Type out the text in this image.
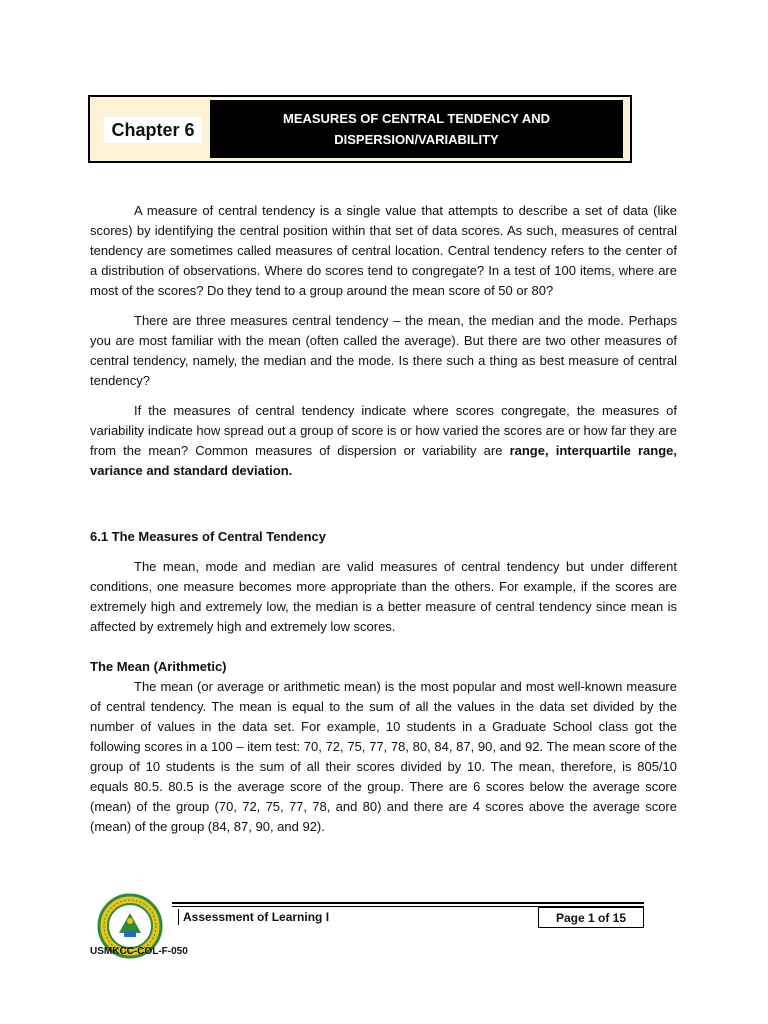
Chapter 6
MEASURES OF CENTRAL TENDENCY AND
DISPERSION/VARIABILITY

A measure of central tendency is a single value that attempts to describe a set of data (like scores) by identifying the central position within that set of data scores. As such, measures of central tendency are sometimes called measures of central location. Central tendency refers to the center of a distribution of observations. Where do scores tend to congregate? In a test of 100 items, where are most of the scores? Do they tend to a group around the mean score of 50 or 80?

There are three measures central tendency – the mean, the median and the mode. Perhaps you are most familiar with the mean (often called the average). But there are two other measures of central tendency, namely, the median and the mode. Is there such a thing as best measure of central tendency?

If the measures of central tendency indicate where scores congregate, the measures of variability indicate how spread out a group of score is or how varied the scores are or how far they are from the mean? Common measures of dispersion or variability are range, interquartile range, variance and standard deviation.

6.1 The Measures of Central Tendency

The mean, mode and median are valid measures of central tendency but under different conditions, one measure becomes more appropriate than the others. For example, if the scores are extremely high and extremely low, the median is a better measure of central tendency since mean is affected by extremely high and extremely low scores.

The Mean (Arithmetic)

The mean (or average or arithmetic mean) is the most popular and most well-known measure of central tendency. The mean is equal to the sum of all the values in the data set divided by the number of values in the data set. For example, 10 students in a Graduate School class got the following scores in a 100 – item test: 70, 72, 75, 77, 78, 80, 84, 87, 90, and 92. The mean score of the group of 10 students is the sum of all their scores divided by 10. The mean, therefore, is 805/10 equals 80.5. 80.5 is the average score of the group. There are 6 scores below the average score (mean) of the group (70, 72, 75, 77, 78, and 80) and there are 4 scores above the average score (mean) of the group (84, 87, 90, and 92).

Assessment of Learning I	Page 1 of 15
USMKCC-COL-F-050
